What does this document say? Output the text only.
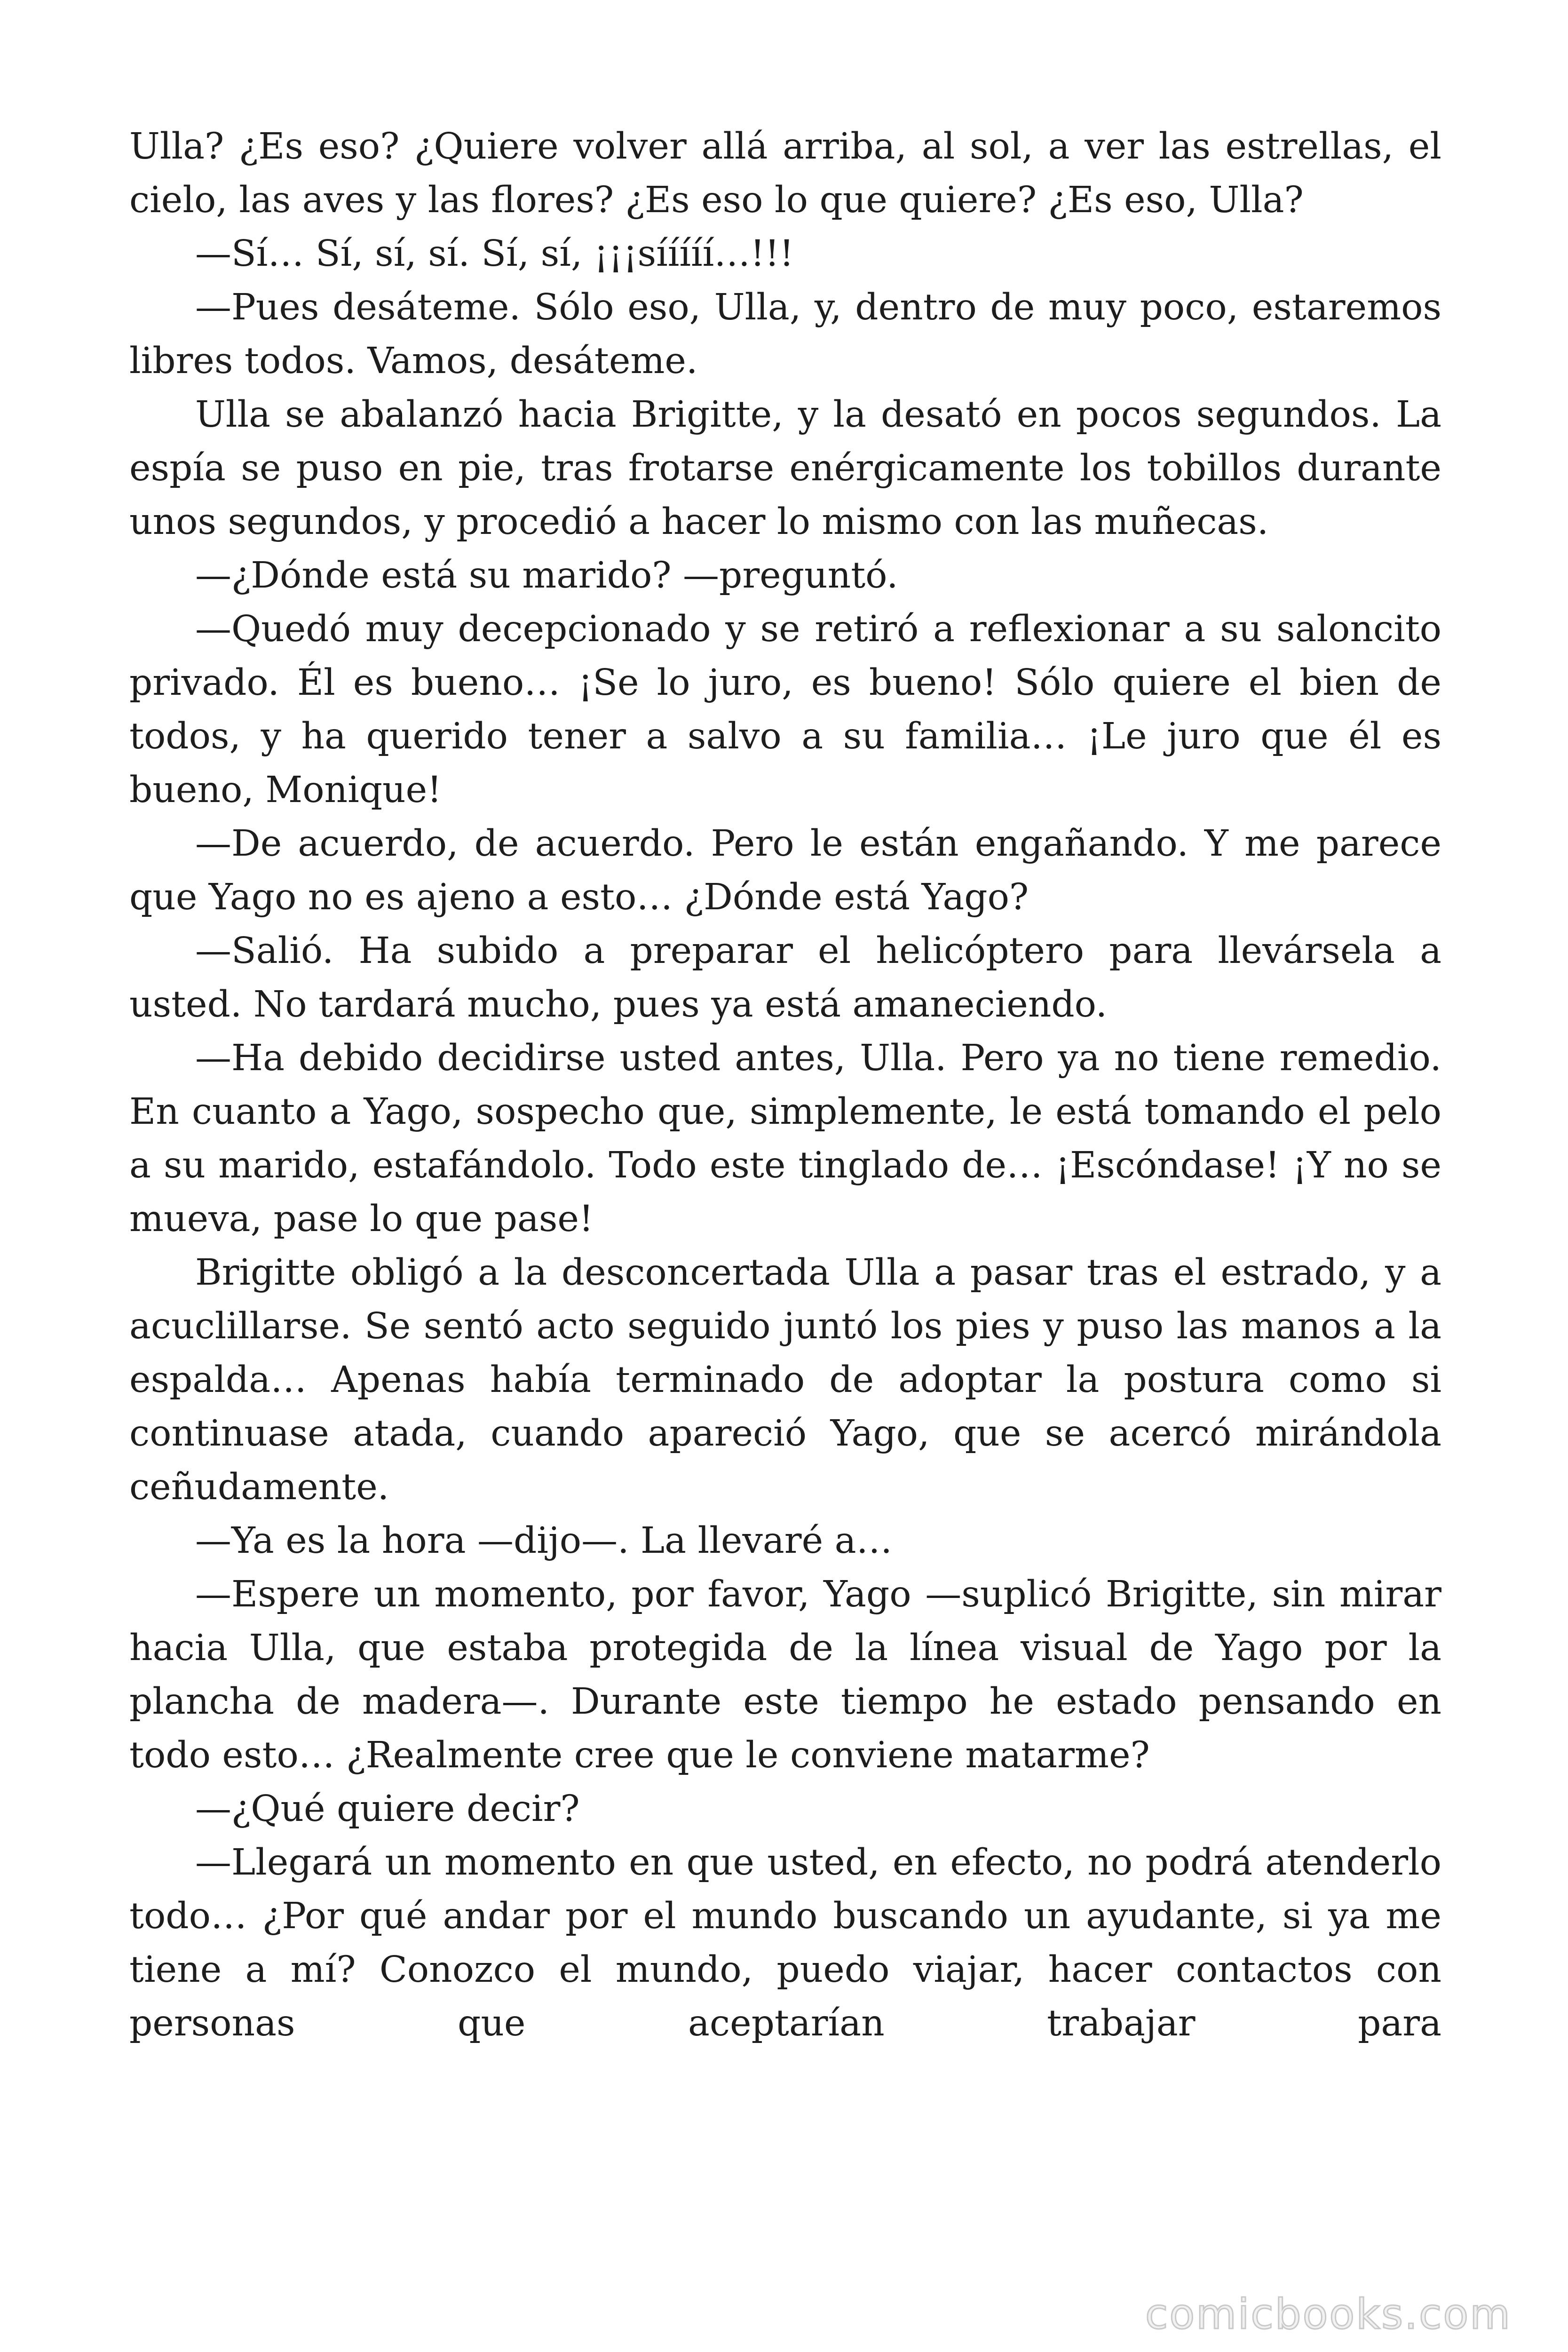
Ulla? ¿Es eso? ¿Quiere volver allá arriba, al sol, a ver las estrellas, el cielo, las aves y las flores? ¿Es eso lo que quiere? ¿Es eso, Ulla?

—Sí… Sí, sí, sí. Sí, sí, ¡¡¡sííííí…!!!

—Pues desáteme. Sólo eso, Ulla, y, dentro de muy poco, estaremos libres todos. Vamos, desáteme.

Ulla se abalanzó hacia Brigitte, y la desató en pocos segundos. La espía se puso en pie, tras frotarse enérgicamente los tobillos durante unos segundos, y procedió a hacer lo mismo con las muñecas.

—¿Dónde está su marido? —preguntó.

—Quedó muy decepcionado y se retiró a reflexionar a su saloncito privado. Él es bueno… ¡Se lo juro, es bueno! Sólo quiere el bien de todos, y ha querido tener a salvo a su familia… ¡Le juro que él es bueno, Monique!

—De acuerdo, de acuerdo. Pero le están engañando. Y me parece que Yago no es ajeno a esto… ¿Dónde está Yago?

—Salió. Ha subido a preparar el helicóptero para llevársela a usted. No tardará mucho, pues ya está amaneciendo.

—Ha debido decidirse usted antes, Ulla. Pero ya no tiene remedio. En cuanto a Yago, sospecho que, simplemente, le está tomando el pelo a su marido, estafándolo. Todo este tinglado de… ¡Escóndase! ¡Y no se mueva, pase lo que pase!

Brigitte obligó a la desconcertada Ulla a pasar tras el estrado, y a acuclillarse. Se sentó acto seguido juntó los pies y puso las manos a la espalda… Apenas había terminado de adoptar la postura como si continuase atada, cuando apareció Yago, que se acercó mirándola ceñudamente.

—Ya es la hora —dijo—. La llevaré a…

—Espere un momento, por favor, Yago —suplicó Brigitte, sin mirar hacia Ulla, que estaba protegida de la línea visual de Yago por la plancha de madera—. Durante este tiempo he estado pensando en todo esto… ¿Realmente cree que le conviene matarme?

—¿Qué quiere decir?

—Llegará un momento en que usted, en efecto, no podrá atenderlo todo… ¿Por qué andar por el mundo buscando un ayudante, si ya me tiene a mí? Conozco el mundo, puedo viajar, hacer contactos con personas que aceptarían trabajar para

comicbooks.com
